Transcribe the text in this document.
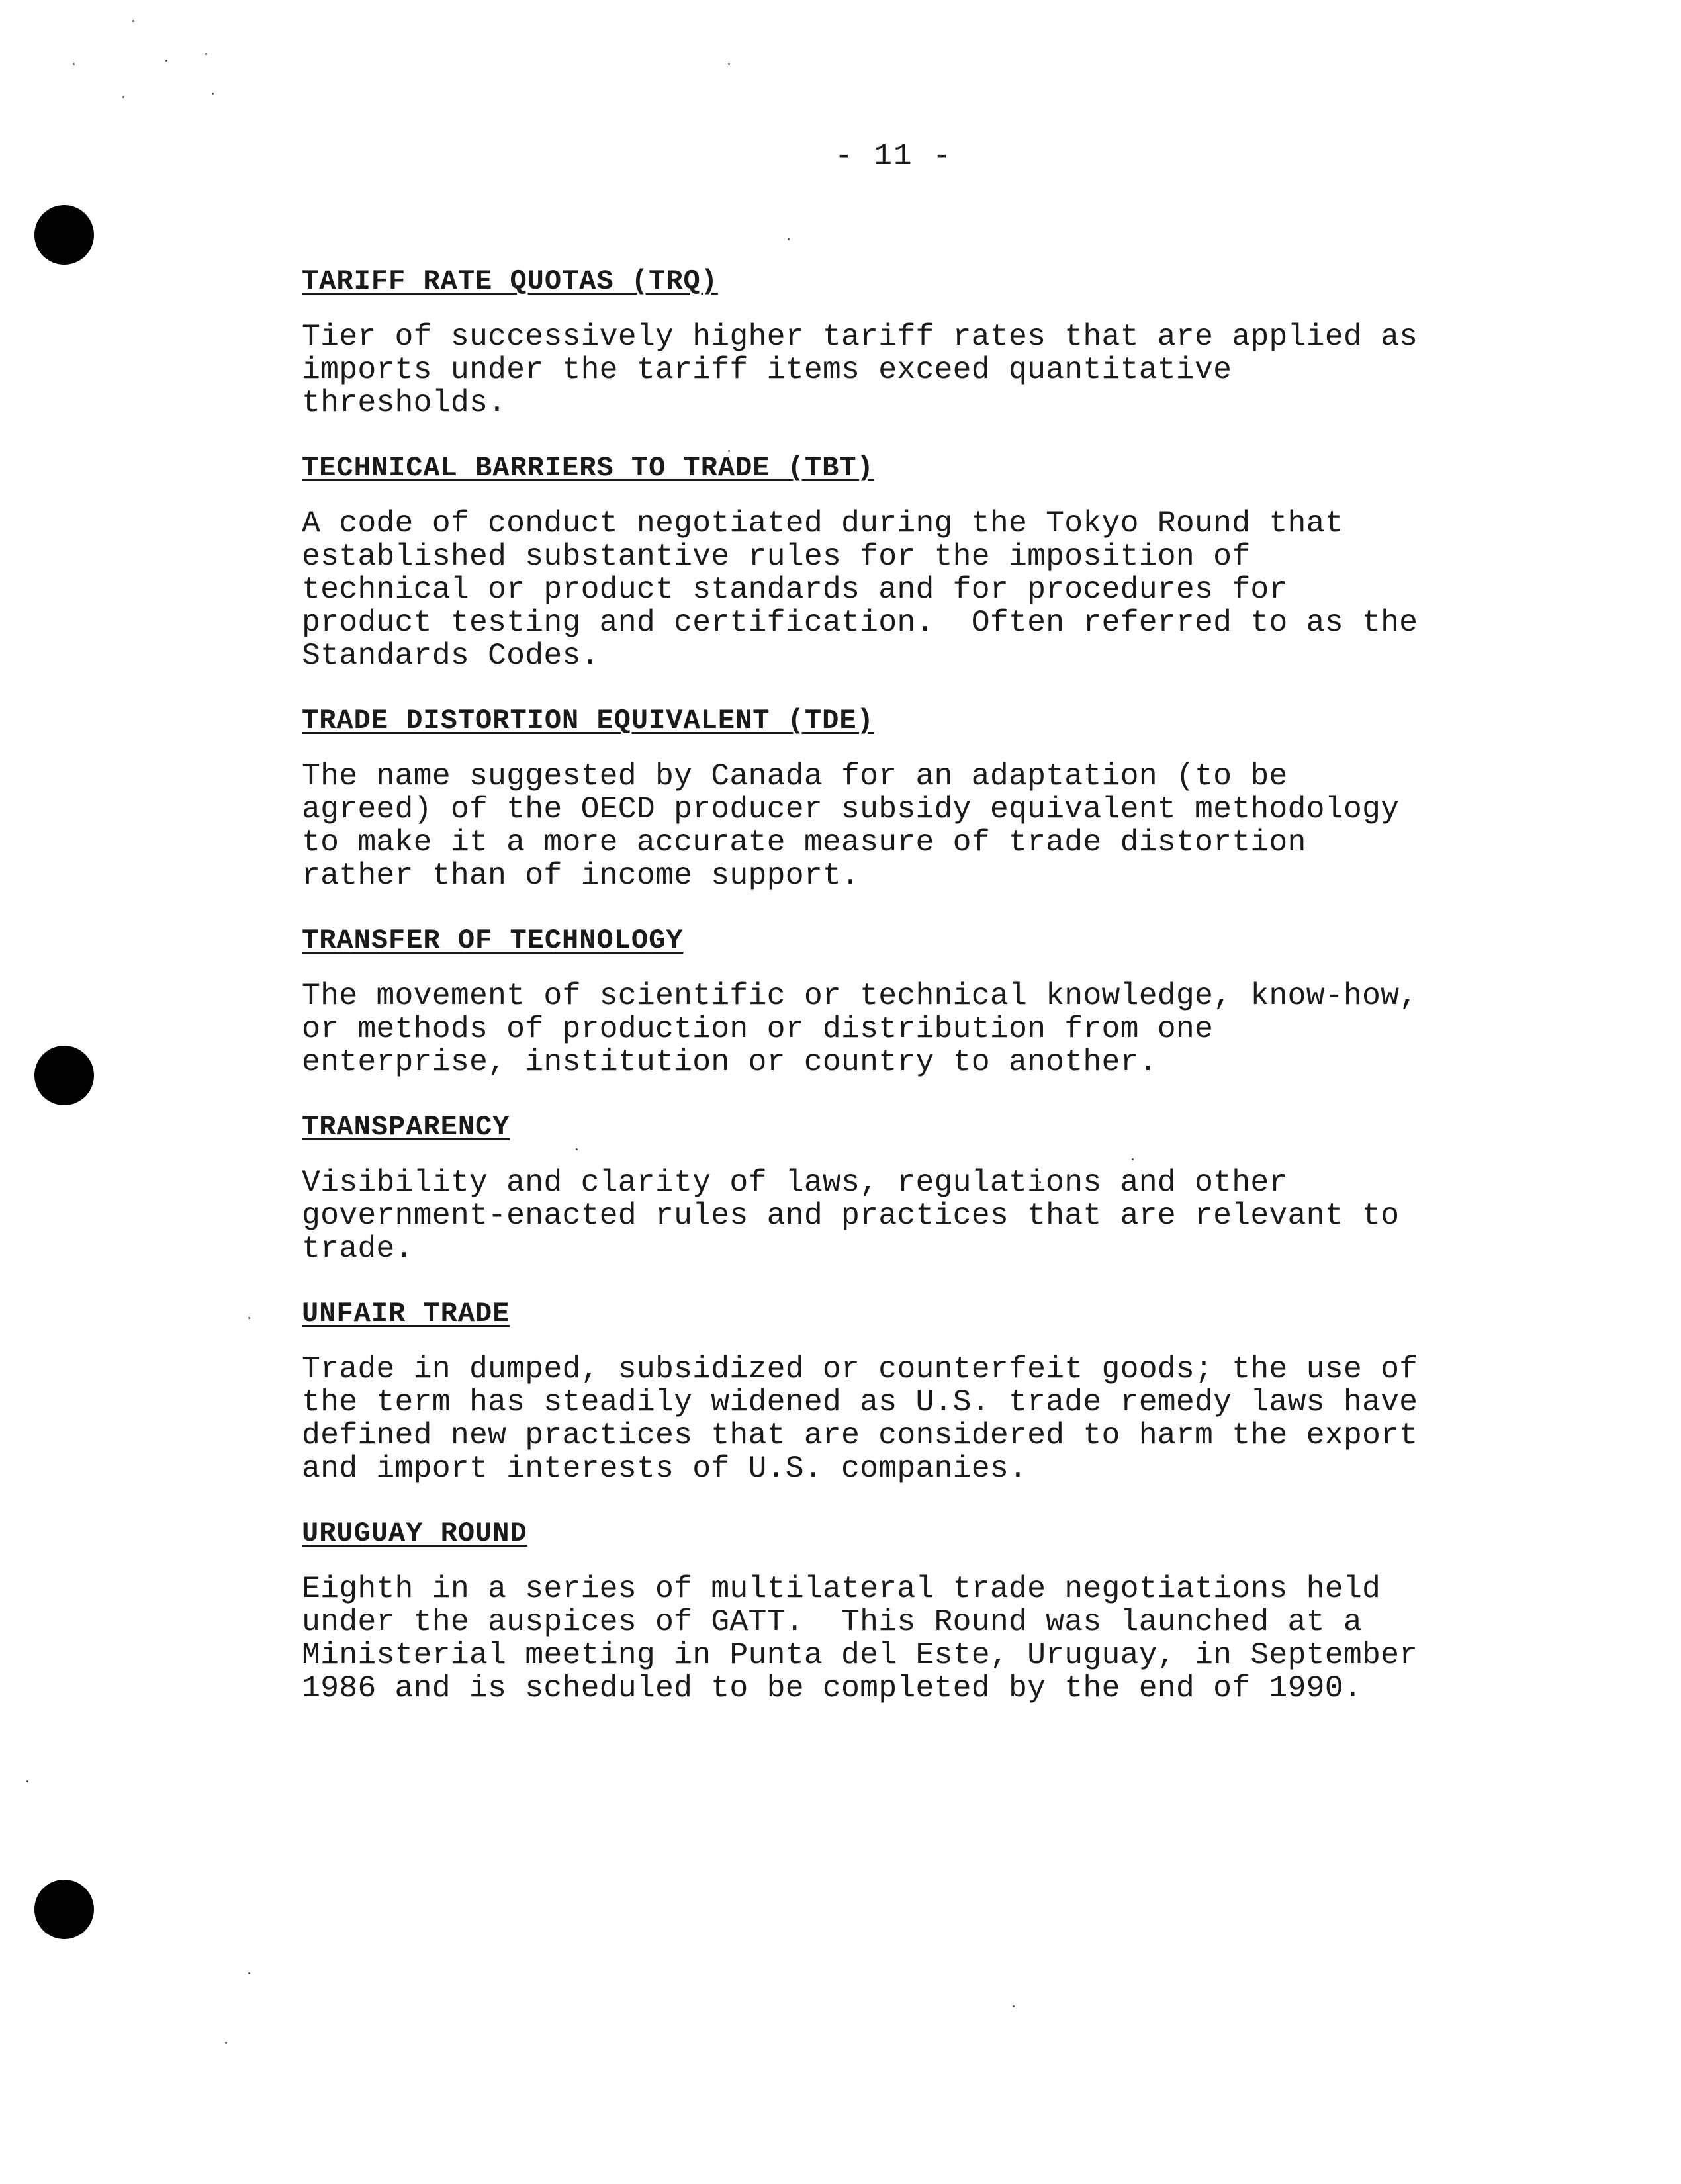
- 11 -
TARIFF RATE QUOTAS (TRQ)
Tier of successively higher tariff rates that are applied as
imports under the tariff items exceed quantitative
thresholds.
TECHNICAL BARRIERS TO TRADE (TBT)
A code of conduct negotiated during the Tokyo Round that
established substantive rules for the imposition of
technical or product standards and for procedures for
product testing and certification.  Often referred to as the
Standards Codes.
TRADE DISTORTION EQUIVALENT (TDE)
The name suggested by Canada for an adaptation (to be
agreed) of the OECD producer subsidy equivalent methodology
to make it a more accurate measure of trade distortion
rather than of income support.
TRANSFER OF TECHNOLOGY
The movement of scientific or technical knowledge, know-how,
or methods of production or distribution from one
enterprise, institution or country to another.
TRANSPARENCY
Visibility and clarity of laws, regulations and other
government-enacted rules and practices that are relevant to
trade.
UNFAIR TRADE
Trade in dumped, subsidized or counterfeit goods; the use of
the term has steadily widened as U.S. trade remedy laws have
defined new practices that are considered to harm the export
and import interests of U.S. companies.
URUGUAY ROUND
Eighth in a series of multilateral trade negotiations held
under the auspices of GATT.  This Round was launched at a
Ministerial meeting in Punta del Este, Uruguay, in September
1986 and is scheduled to be completed by the end of 1990.
